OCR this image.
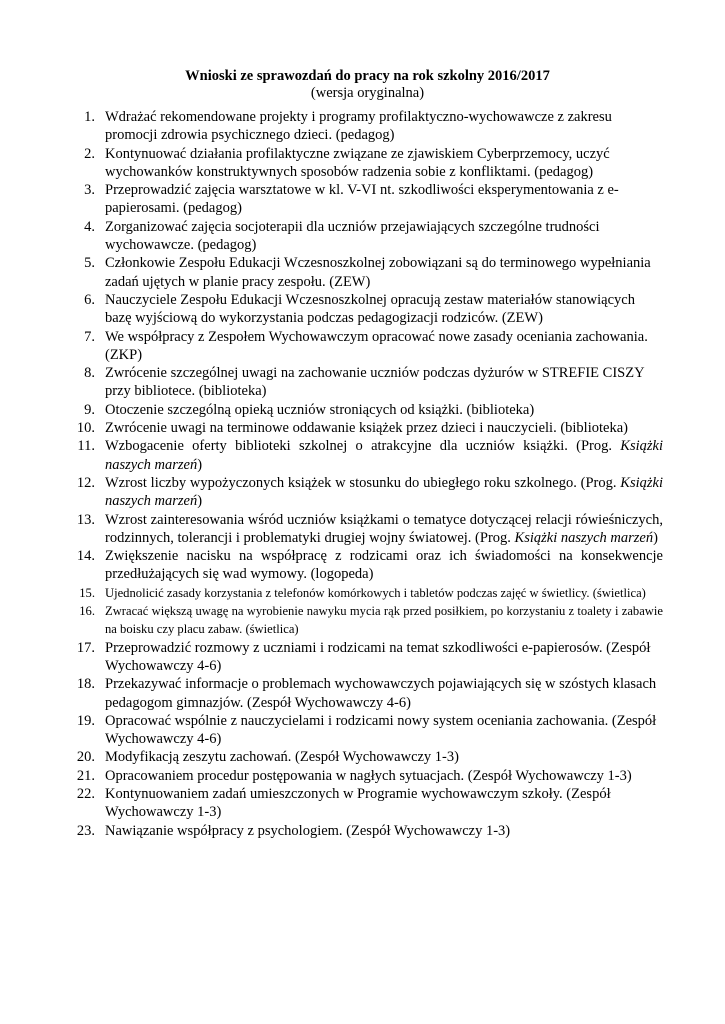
Wnioski ze sprawozdań do pracy na rok szkolny 2016/2017
(wersja oryginalna)
1. Wdrażać rekomendowane projekty i programy profilaktyczno-wychowawcze z zakresu promocji zdrowia psychicznego dzieci. (pedagog)
2. Kontynuować działania profilaktyczne związane ze zjawiskiem Cyberprzemocy, uczyć wychowanków konstruktywnych sposobów radzenia sobie z konfliktami. (pedagog)
3. Przeprowadzić zajęcia warsztatowe w kl. V-VI nt. szkodliwości eksperymentowania z e-papierosami. (pedagog)
4. Zorganizować zajęcia socjoterapii dla uczniów przejawiających szczególne trudności wychowawcze. (pedagog)
5. Członkowie Zespołu Edukacji Wczesnoszkolnej zobowiązani są do terminowego wypełniania zadań ujętych w planie pracy zespołu. (ZEW)
6. Nauczyciele Zespołu Edukacji Wczesnoszkolnej opracują zestaw materiałów stanowiących bazę wyjściową do wykorzystania podczas pedagogizacji rodziców. (ZEW)
7. We współpracy z Zespołem Wychowawczym opracować nowe zasady oceniania zachowania. (ZKP)
8. Zwrócenie szczególnej uwagi na zachowanie uczniów podczas dyżurów w STREFIE CISZY przy bibliotece. (biblioteka)
9. Otoczenie szczególną opieką uczniów stroniących od książki. (biblioteka)
10. Zwrócenie uwagi na terminowe oddawanie książek przez dzieci i nauczycieli. (biblioteka)
11. Wzbogacenie oferty biblioteki szkolnej o atrakcyjne dla uczniów książki. (Prog. Książki naszych marzeń)
12. Wzrost liczby wypożyczonych książek w stosunku do ubiegłego roku szkolnego. (Prog. Książki naszych marzeń)
13. Wzrost zainteresowania wśród uczniów książkami o tematyce dotyczącej relacji rówieśniczych, rodzinnych, tolerancji i problematyki drugiej wojny światowej. (Prog. Książki naszych marzeń)
14. Zwiększenie nacisku na współpracę z rodzicami oraz ich świadomości na konsekwencje przedłużających się wad wymowy. (logopeda)
15. Ujednolicić zasady korzystania z telefonów komórkowych i tabletów podczas zajęć w świetlicy. (świetlica)
16. Zwracać większą uwagę na wyrobienie nawyku mycia rąk przed posiłkiem, po korzystaniu z toalety i zabawie na boisku czy placu zabaw. (świetlica)
17. Przeprowadzić rozmowy z uczniami i rodzicami na temat szkodliwości e-papierosów. (Zespół Wychowawczy 4-6)
18. Przekazywać informacje o problemach wychowawczych pojawiających się w szóstych klasach pedagogom gimnazjów. (Zespół Wychowawczy 4-6)
19. Opracować wspólnie z nauczycielami i rodzicami nowy system oceniania zachowania. (Zespół Wychowawczy 4-6)
20. Modyfikacją zeszytu zachowań. (Zespół Wychowawczy 1-3)
21. Opracowaniem procedur postępowania w nagłych sytuacjach. (Zespół Wychowawczy 1-3)
22. Kontynuowaniem zadań umieszczonych w Programie wychowawczym szkoły. (Zespół Wychowawczy 1-3)
23. Nawiązanie współpracy z psychologiem. (Zespół Wychowawczy 1-3)
